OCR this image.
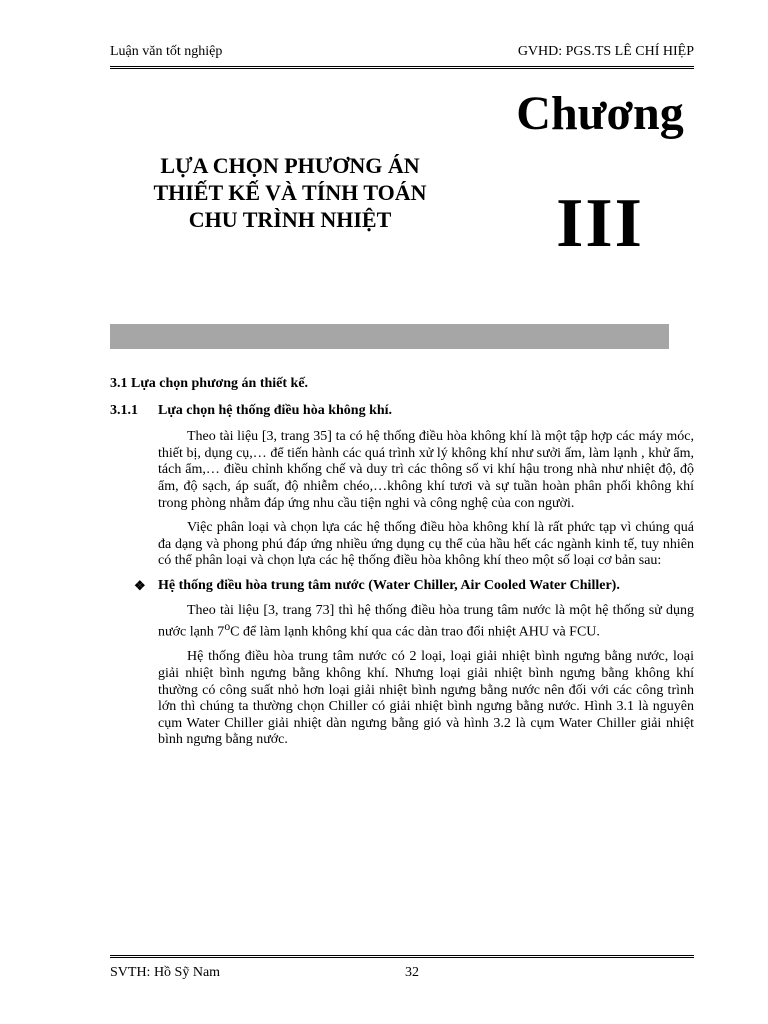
Luận văn tốt nghiệp	GVHD: PGS.TS LÊ CHÍ HIỆP
Chương
LỰA CHỌN PHƯƠNG ÁN
THIẾT KẾ VÀ TÍNH TOÁN
CHU TRÌNH NHIỆT	III
3.1 Lựa chọn phương án thiết kế.
3.1.1	Lựa chọn hệ thống điều hòa không khí.

Theo tài liệu [3, trang 35] ta có hệ thống điều hòa không khí là một tập hợp các máy móc, thiết bị, dụng cụ,… để tiến hành các quá trình xử lý không khí như sưởi ấm, làm lạnh , khử ẩm, tách ẩm,… điều chỉnh khống chế và duy trì các thông số vi khí hậu trong nhà như nhiệt độ, độ ẩm, độ sạch, áp suất, độ nhiễm chéo,…không khí tươi và sự tuần hoàn phân phối không khí trong phòng nhằm đáp ứng nhu cầu tiện nghi và công nghệ của con người.

Việc phân loại và chọn lựa các hệ thống điều hòa không khí là rất phức tạp vì chúng quá đa dạng và phong phú đáp ứng nhiều ứng dụng cụ thể của hầu hết các ngành kinh tế, tuy nhiên có thể phân loại và chọn lựa các hệ thống điều hòa không khí theo một số loại cơ bản sau:

❖ Hệ thống điều hòa trung tâm nước (Water Chiller, Air Cooled Water Chiller).

Theo tài liệu [3, trang 73] thì hệ thống điều hòa trung tâm nước là một hệ thống sử dụng nước lạnh 7$^o$C để làm lạnh không khí qua các dàn trao đổi nhiệt AHU và FCU.

Hệ thống điều hòa trung tâm nước có 2 loại, loại giải nhiệt bình ngưng bằng nước, loại giải nhiệt bình ngưng bằng không khí. Nhưng loại giải nhiệt bình ngưng bằng không khí thường có công suất nhỏ hơn loại giải nhiệt bình ngưng bằng nước nên đối với các công trình lớn thì chúng ta thường chọn Chiller có giải nhiệt bình ngưng bằng nước. Hình 3.1 là nguyên cụm Water Chiller giải nhiệt dàn ngưng bằng gió và hình 3.2 là cụm Water Chiller giải nhiệt bình ngưng bằng nước.

SVTH: Hồ Sỹ Nam	32
